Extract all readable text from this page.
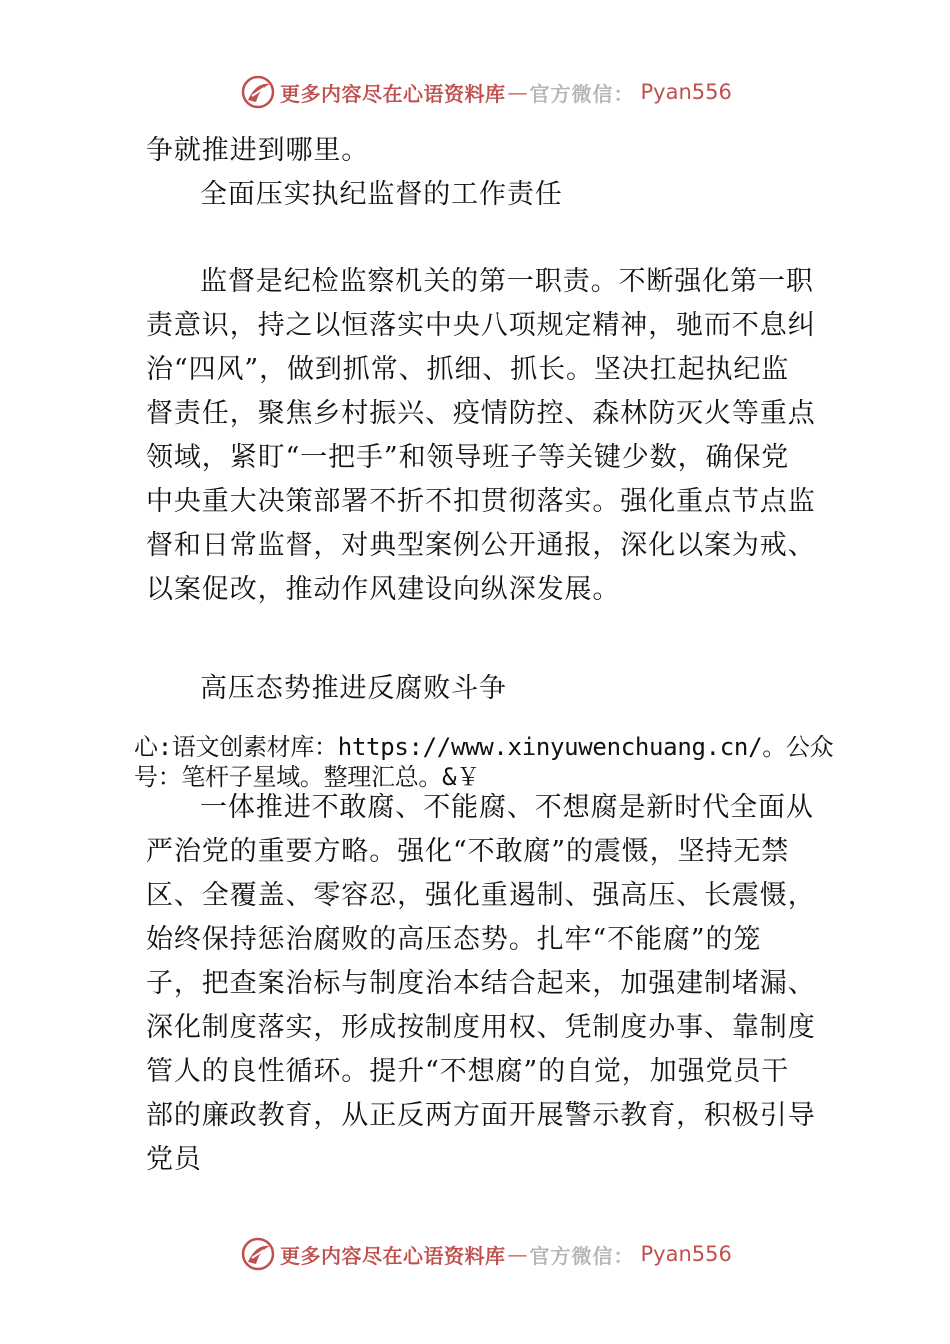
更多内容尽在心语资料库 — 官方微信： Pyan556
争就推进到哪里。
全面压实执纪监督的工作责任

监督是纪检监察机关的第一职责。不断强化第一职责意识，持之以恒落实中央八项规定精神，驰而不息纠治“四风”，做到抓常、抓细、抓长。坚决扛起执纪监督责任，聚焦乡村振兴、疫情防控、森林防灭火等重点领域，紧盯“一把手”和领导班子等关键少数，确保党中央重大决策部署不折不扣贯彻落实。强化重点节点监督和日常监督，对典型案例公开通报，深化以案为戒、以案促改，推动作风建设向纵深发展。

高压态势推进反腐败斗争

心:语文创素材库：https://www.xinyuwenchuang.cn/。公众号：笔杆子星域。整理汇总。&￥

一体推进不敢腐、不能腐、不想腐是新时代全面从严治党的重要方略。强化“不敢腐”的震慑，坚持无禁区、全覆盖、零容忍，强化重遏制、强高压、长震慑，始终保持惩治腐败的高压态势。扎牢“不能腐”的笼子，把查案治标与制度治本结合起来，加强建制堵漏、深化制度落实，形成按制度用权、凭制度办事、靠制度管人的良性循环。提升“不想腐”的自觉，加强党员干部的廉政教育，从正反两方面开展警示教育，积极引导党员

更多内容尽在心语资料库 — 官方微信： Pyan556
